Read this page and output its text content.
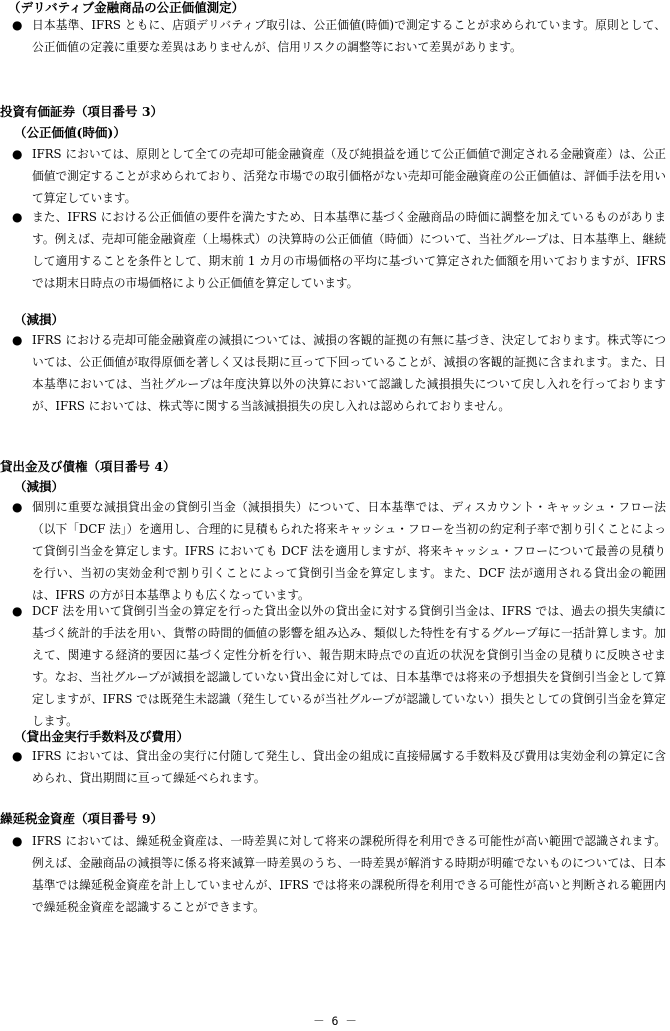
（デリバティブ金融商品の公正価値測定）
● 日本基準、IFRS ともに、店頭デリバティブ取引は、公正価値(時価)で測定することが求められています。原則として、公正価値の定義に重要な差異はありませんが、信用リスクの調整等において差異があります。
投資有価証券（項目番号 3）
（公正価値(時価)）
● IFRS においては、原則として全ての売却可能金融資産（及び純損益を通じて公正価値で測定される金融資産）は、公正価値で測定することが求められており、活発な市場での取引価格がない売却可能金融資産の公正価値は、評価手法を用いて算定しています。
● また、IFRS における公正価値の要件を満たすため、日本基準に基づく金融商品の時価に調整を加えているものがあります。例えば、売却可能金融資産（上場株式）の決算時の公正価値（時価）について、当社グループは、日本基準上、継続して適用することを条件として、期末前 1 カ月の市場価格の平均に基づいて算定された価額を用いておりますが、IFRS では期末日時点の市場価格により公正価値を算定しています。
（減損）
● IFRS における売却可能金融資産の減損については、減損の客観的証拠の有無に基づき、決定しております。株式等については、公正価値が取得原価を著しく又は長期に亘って下回っていることが、減損の客観的証拠に含まれます。また、日本基準においては、当社グループは年度決算以外の決算において認識した減損損失について戻し入れを行っておりますが、IFRS においては、株式等に関する当該減損損失の戻し入れは認められておりません。
貸出金及び債権（項目番号 4）
（減損）
● 個別に重要な減損貸出金の貸倒引当金（減損損失）について、日本基準では、ディスカウント・キャッシュ・フロー法（以下「DCF 法」）を適用し、合理的に見積もられた将来キャッシュ・フローを当初の約定利子率で割り引くことによって貸倒引当金を算定します。IFRS においても DCF 法を適用しますが、将来キャッシュ・フローについて最善の見積りを行い、当初の実効金利で割り引くことによって貸倒引当金を算定します。また、DCF 法が適用される貸出金の範囲は、IFRS の方が日本基準よりも広くなっています。
● DCF 法を用いて貸倒引当金の算定を行った貸出金以外の貸出金に対する貸倒引当金は、IFRS では、過去の損失実績に基づく統計的手法を用い、貨幣の時間的価値の影響を組み込み、類似した特性を有するグループ毎に一括計算します。加えて、関連する経済的要因に基づく定性分析を行い、報告期末時点での直近の状況を貸倒引当金の見積りに反映させます。なお、当社グループが減損を認識していない貸出金に対しては、日本基準では将来の予想損失を貸倒引当金として算定しますが、IFRS では既発生未認識（発生しているが当社グループが認識していない）損失としての貸倒引当金を算定します。
（貸出金実行手数料及び費用）
● IFRS においては、貸出金の実行に付随して発生し、貸出金の組成に直接帰属する手数料及び費用は実効金利の算定に含められ、貸出期間に亘って繰延べられます。
繰延税金資産（項目番号 9）
● IFRS においては、繰延税金資産は、一時差異に対して将来の課税所得を利用できる可能性が高い範囲で認識されます。例えば、金融商品の減損等に係る将来減算一時差異のうち、一時差異が解消する時期が明確でないものについては、日本基準では繰延税金資産を計上していませんが、IFRS では将来の課税所得を利用できる可能性が高いと判断される範囲内で繰延税金資産を認識することができます。
－ 6 －
